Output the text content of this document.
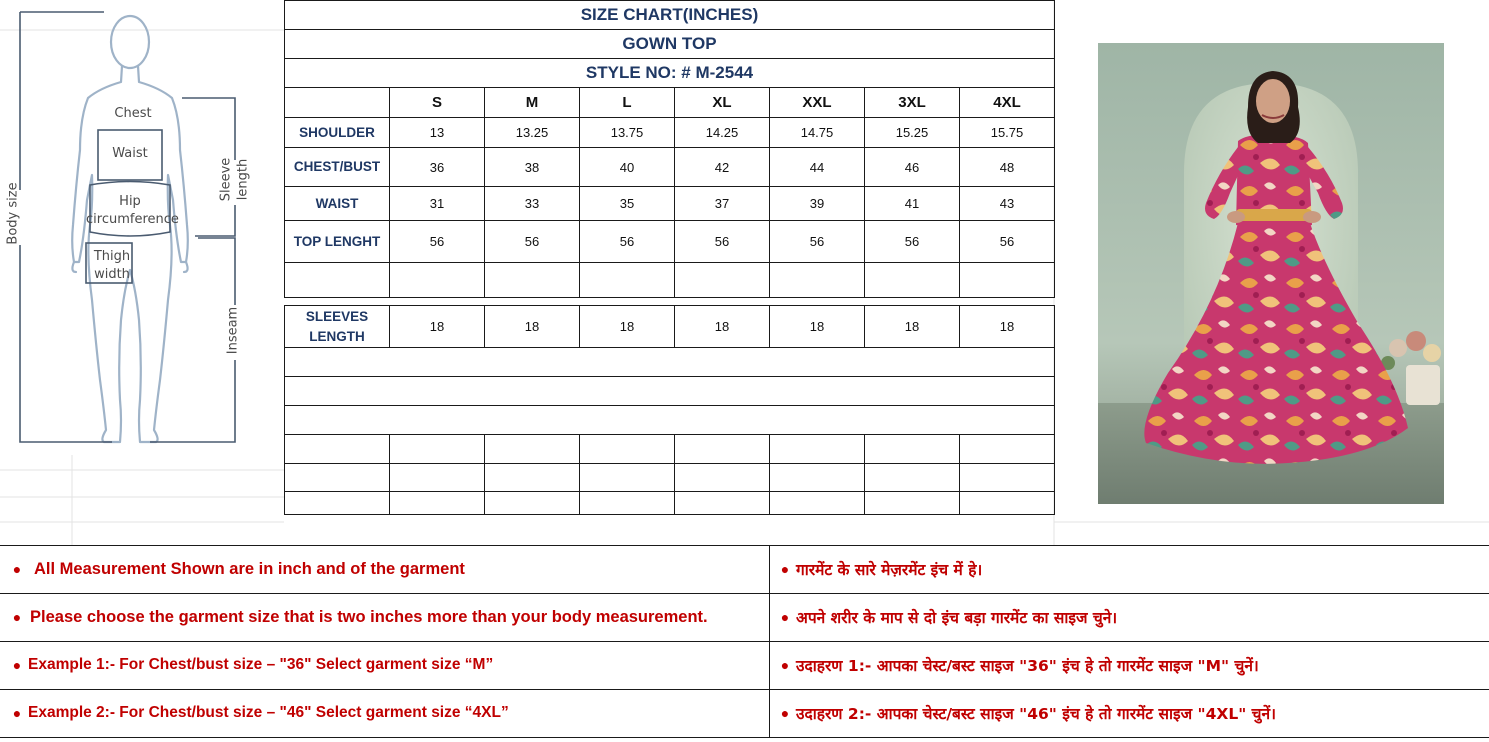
Chest
Waist
Hip
circumference
Thigh
width
Body size
Sleeve length
Inseam
SIZE CHART(INCHES)							
GOWN TOP							
STYLE NO: # M-2544							
	S	M	L	XL	XXL	3XL	4XL
SHOULDER	13	13.25	13.75	14.25	14.75	15.25	15.75
CHEST/BUST	36	38	40	42	44	46	48
WAIST	31	33	35	37	39	41	43
TOP LENGHT	56	56	56	56	56	56	56

SLEEVES
LENGTH	18	18	18	18	18	18	18

● All Measurement Shown are in inch and of the garment	● गारमेंट के सारे मेज़रमेंट इंच में हे।
● Please choose the garment size that is two inches more than your body measurement.	● अपने शरीर के माप से दो इंच बड़ा गारमेंट का साइज चुने।
● Example 1:- For Chest/bust size – "36" Select garment size “M”	● उदाहरण 1:- आपका चेस्ट/बस्ट साइज "36" इंच हे तो गारमेंट साइज "M" चुनें।
● Example 2:- For Chest/bust size – "46" Select garment size “4XL”	● उदाहरण 2:- आपका चेस्ट/बस्ट साइज "46" इंच हे तो गारमेंट साइज "4XL" चुनें।
